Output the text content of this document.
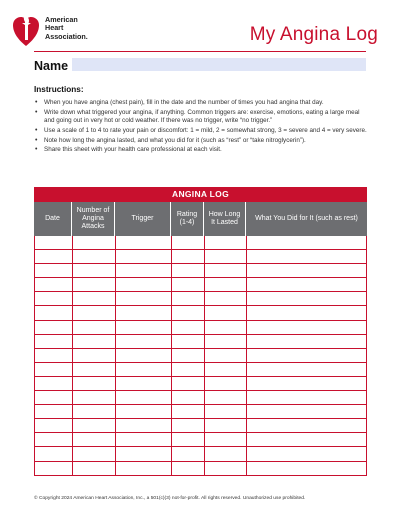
American
Heart
Association.	My Angina Log
Name
Instructions:
• When you have angina (chest pain), fill in the date and the number of times you had angina that day.
• Write down what triggered your angina, if anything. Common triggers are: exercise, emotions, eating a large meal and going out in very hot or cold weather. If there was no trigger, write “no trigger.”
• Use a scale of 1 to 4 to rate your pain or discomfort: 1 = mild, 2 = somewhat strong, 3 = severe and 4 = very severe.
• Note how long the angina lasted, and what you did for it (such as “rest” or “take nitroglycerin”).
• Share this sheet with your health care professional at each visit.
ANGINA LOG
Date
Number of Angina Attacks
Trigger
Rating (1-4)
How Long It Lasted
What You Did for It (such as rest)
© Copyright 2024 American Heart Association, Inc., a 501(c)(3) not-for-profit. All rights reserved. Unauthorized use prohibited.
